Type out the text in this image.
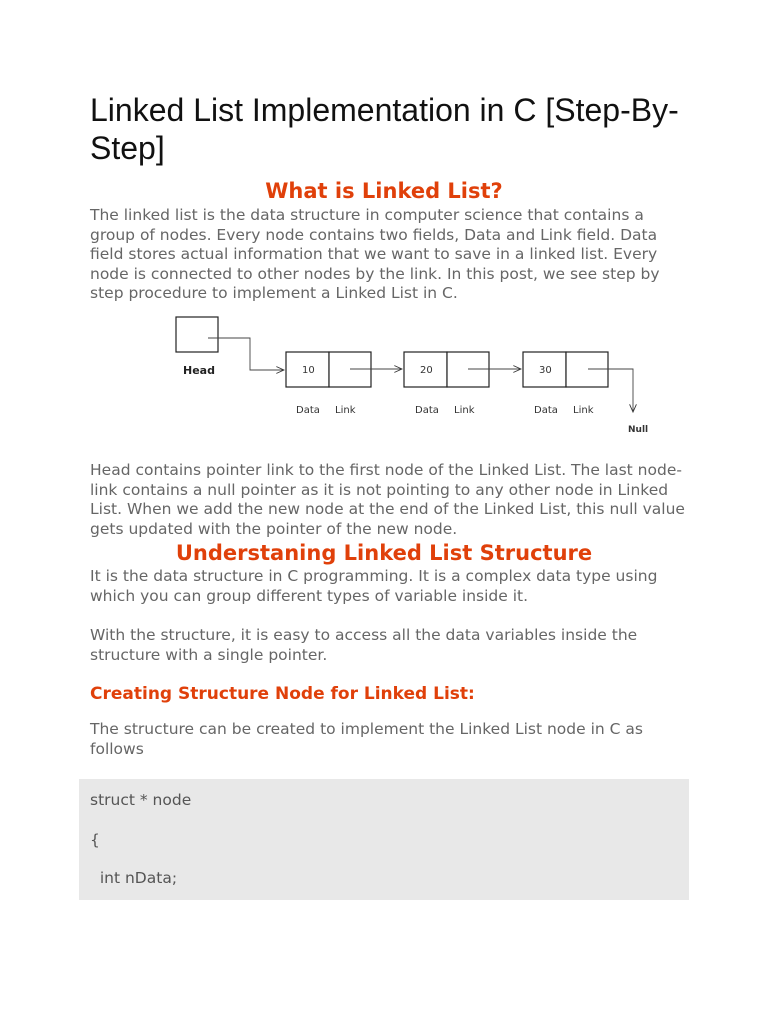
Linked List Implementation in C [Step-By-Step]
What is Linked List?

The linked list is the data structure in computer science that contains a group of nodes. Every node contains two fields, Data and Link field. Data field stores actual information that we want to save in a linked list. Every node is connected to other nodes by the link. In this post, we see step by step procedure to implement a Linked List in C.

Head	10
Data Link
20
Data Link
30
Data Link
Null

Head contains pointer link to the first node of the Linked List. The last node-link contains a null pointer as it is not pointing to any other node in Linked List. When we add the new node at the end of the Linked List, this null value gets updated with the pointer of the new node.

Understaning Linked List Structure

It is the data structure in C programming. It is a complex data type using which you can group different types of variable inside it.

With the structure, it is easy to access all the data variables inside the structure with a single pointer.

Creating Structure Node for Linked List:

The structure can be created to implement the Linked List node in C as follows

struct * node
{
int nData;
